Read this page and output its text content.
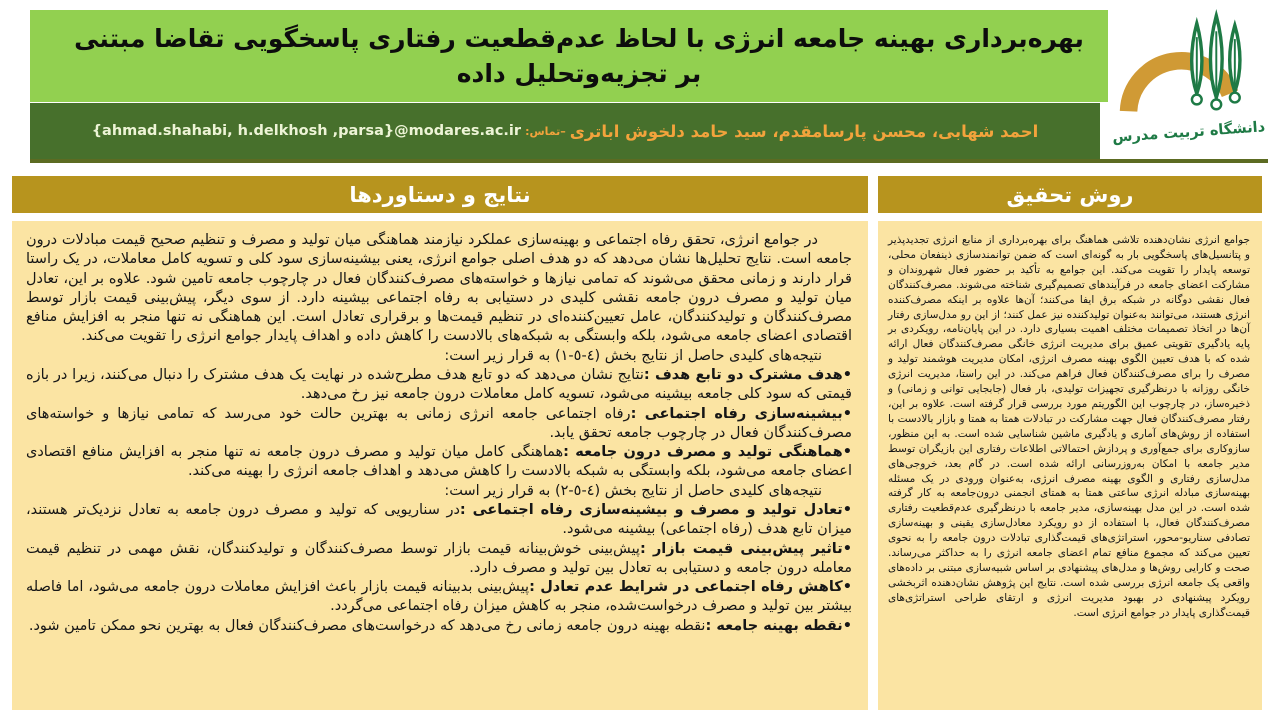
بهره‌برداری بهینه جامعه انرژی با لحاظ عدم‌قطعیت رفتاری پاسخگویی تقاضا مبتنی بر تجزیه‌وتحلیل داده
احمد شهابی، محسن پارسامقدم، سید حامد دلخوش اباتری
–تماس:
{ahmad.shahabi, h.delkhosh ,parsa}@modares.ac.ir	دانشگاه تربیت مدرس
نتایج و دستاوردها

در جوامع انرژی، تحقق رفاه اجتماعی و بهینه‌سازی عملکرد نیازمند هماهنگی میان تولید و مصرف و تنظیم صحیح قیمت مبادلات درون جامعه است. نتایج تحلیل‌ها نشان می‌دهد که دو هدف اصلی جوامع انرژی، یعنی بیشینه‌سازی سود کلی و تسویه کامل معاملات، در یک راستا قرار دارند و زمانی محقق می‌شوند که تمامی نیازها و خواسته‌های مصرف‌کنندگان فعال در چارچوب جامعه تامین شود. علاوه بر این، تعادل میان تولید و مصرف درون جامعه نقشی کلیدی در دستیابی به رفاه اجتماعی بیشینه دارد. از سوی دیگر، پیش‌بینی قیمت بازار توسط مصرف‌کنندگان و تولیدکنندگان، عامل تعیین‌کننده‌ای در تنظیم قیمت‌ها و برقراری تعادل است. این هماهنگی نه تنها منجر به افزایش منافع اقتصادی اعضای جامعه می‌شود، بلکه وابستگی به شبکه‌های بالادست را کاهش داده و اهداف پایدار جوامع انرژی را تقویت می‌کند.

نتیجه‌های کلیدی حاصل از نتایج بخش (٤-٥-١) به قرار زیر است:

• هدف مشترک دو تابع هدف :نتایج نشان می‌دهد که دو تابع هدف مطرح‌شده در نهایت یک هدف مشترک را دنبال می‌کنند، زیرا در بازه قیمتی که سود کلی جامعه بیشینه می‌شود، تسویه کامل معاملات درون جامعه نیز رخ می‌دهد.

• بیشینه‌سازی رفاه اجتماعی :رفاه اجتماعی جامعه انرژی زمانی به بهترین حالت خود می‌رسد که تمامی نیازها و خواسته‌های مصرف‌کنندگان فعال در چارچوب جامعه تحقق یابد.

• هماهنگی تولید و مصرف درون جامعه :هماهنگی کامل میان تولید و مصرف درون جامعه نه تنها منجر به افزایش منافع اقتصادی اعضای جامعه می‌شود، بلکه وابستگی به شبکه بالادست را کاهش می‌دهد و اهداف جامعه انرژی را بهینه می‌کند.

نتیجه‌های کلیدی حاصل از نتایج بخش (٤-٥-٢) به قرار زیر است:

• تعادل تولید و مصرف و بیشینه‌سازی رفاه اجتماعی :در سناریویی که تولید و مصرف درون جامعه به تعادل نزدیک‌تر هستند، میزان تابع هدف (رفاه اجتماعی) بیشینه می‌شود.

• تاثیر پیش‌بینی قیمت بازار :پیش‌بینی خوش‌بینانه قیمت بازار توسط مصرف‌کنندگان و تولیدکنندگان، نقش مهمی در تنظیم قیمت معامله درون جامعه و دستیابی به تعادل بین تولید و مصرف دارد.

• کاهش رفاه اجتماعی در شرایط عدم تعادل :پیش‌بینی بدبینانه قیمت بازار باعث افزایش معاملات درون جامعه می‌شود، اما فاصله بیشتر بین تولید و مصرف درخواست‌شده، منجر به کاهش میزان رفاه اجتماعی می‌گردد.

• نقطه بهینه جامعه :نقطه بهینه درون جامعه زمانی رخ می‌دهد که درخواست‌های مصرف‌کنندگان فعال به بهترین نحو ممکن تامین شود.

روش تحقیق

جوامع انرژی نشان‌دهنده تلاشی هماهنگ برای بهره‌برداری از منابع انرژی تجدیدپذیر و پتانسیل‌های پاسخگویی بار به گونه‌ای است که ضمن توانمندسازی ذینفعان محلی، توسعه پایدار را تقویت می‌کند. این جوامع به تأکید بر حضور فعال شهروندان و مشارکت اعضای جامعه در فرآیندهای تصمیم‌گیری شناخته می‌شوند. مصرف‌کنندگان فعال نقشی دوگانه در شبکه برق ایفا می‌کنند؛ آن‌ها علاوه بر اینکه مصرف‌کننده انرژی هستند، می‌توانند به‌عنوان تولیدکننده نیز عمل کنند؛ از این رو مدل‌سازی رفتار آن‌ها در اتخاذ تصمیمات مختلف اهمیت بسیاری دارد. در این پایان‌نامه، رویکردی بر پایه یادگیری تقویتی عمیق برای مدیریت انرژی خانگی مصرف‌کنندگان فعال ارائه شده که با هدف تعیین الگوی بهینه مصرف انرژی، امکان مدیریت هوشمند تولید و مصرف را برای مصرف‌کنندگان فعال فراهم می‌کند. در این راستا، مدیریت انرژی خانگی روزانه با درنظرگیری تجهیزات تولیدی، بار فعال (جابجایی توانی و زمانی) و ذخیره‌ساز، در چارچوب این الگوریتم مورد بررسی قرار گرفته است. علاوه بر این، رفتار مصرف‌کنندگان فعال جهت مشارکت در تبادلات همتا به همتا و بازار بالادست با استفاده از روش‌های آماری و یادگیری ماشین شناسایی شده است. به این منظور، سازوکاری برای جمع‌آوری و پردازش احتمالاتی اطلاعات رفتاری این بازیگران توسط مدیر جامعه با امکان به‌روزرسانی ارائه شده است. در گام بعد، خروجی‌های مدل‌سازی رفتاری و الگوی بهینه مصرف انرژی، به‌عنوان ورودی در یک مسئله بهینه‌سازی مبادله انرژی ساعتی همتا به همتای انجمنی درون‌جامعه به کار گرفته شده است. در این مدل بهینه‌سازی، مدیر جامعه با درنظرگیری عدم‌قطعیت رفتاری مصرف‌کنندگان فعال، با استفاده از دو رویکرد معادل‌سازی یقینی و بهینه‌سازی تصادفی سناریو-محور، استراتژی‌های قیمت‌گذاری تبادلات درون جامعه را به نحوی تعیین می‌کند که مجموع منافع تمام اعضای جامعه انرژی را به حداکثر می‌رساند. صحت و کارایی روش‌ها و مدل‌های پیشنهادی بر اساس شبیه‌سازی مبتنی بر داده‌های واقعی یک جامعه انرژی بررسی شده است. نتایج این پژوهش نشان‌دهنده اثربخشی رویکرد پیشنهادی در بهبود مدیریت انرژی و ارتقای طراحی استراتژی‌های قیمت‌گذاری پایدار در جوامع انرژی است.
